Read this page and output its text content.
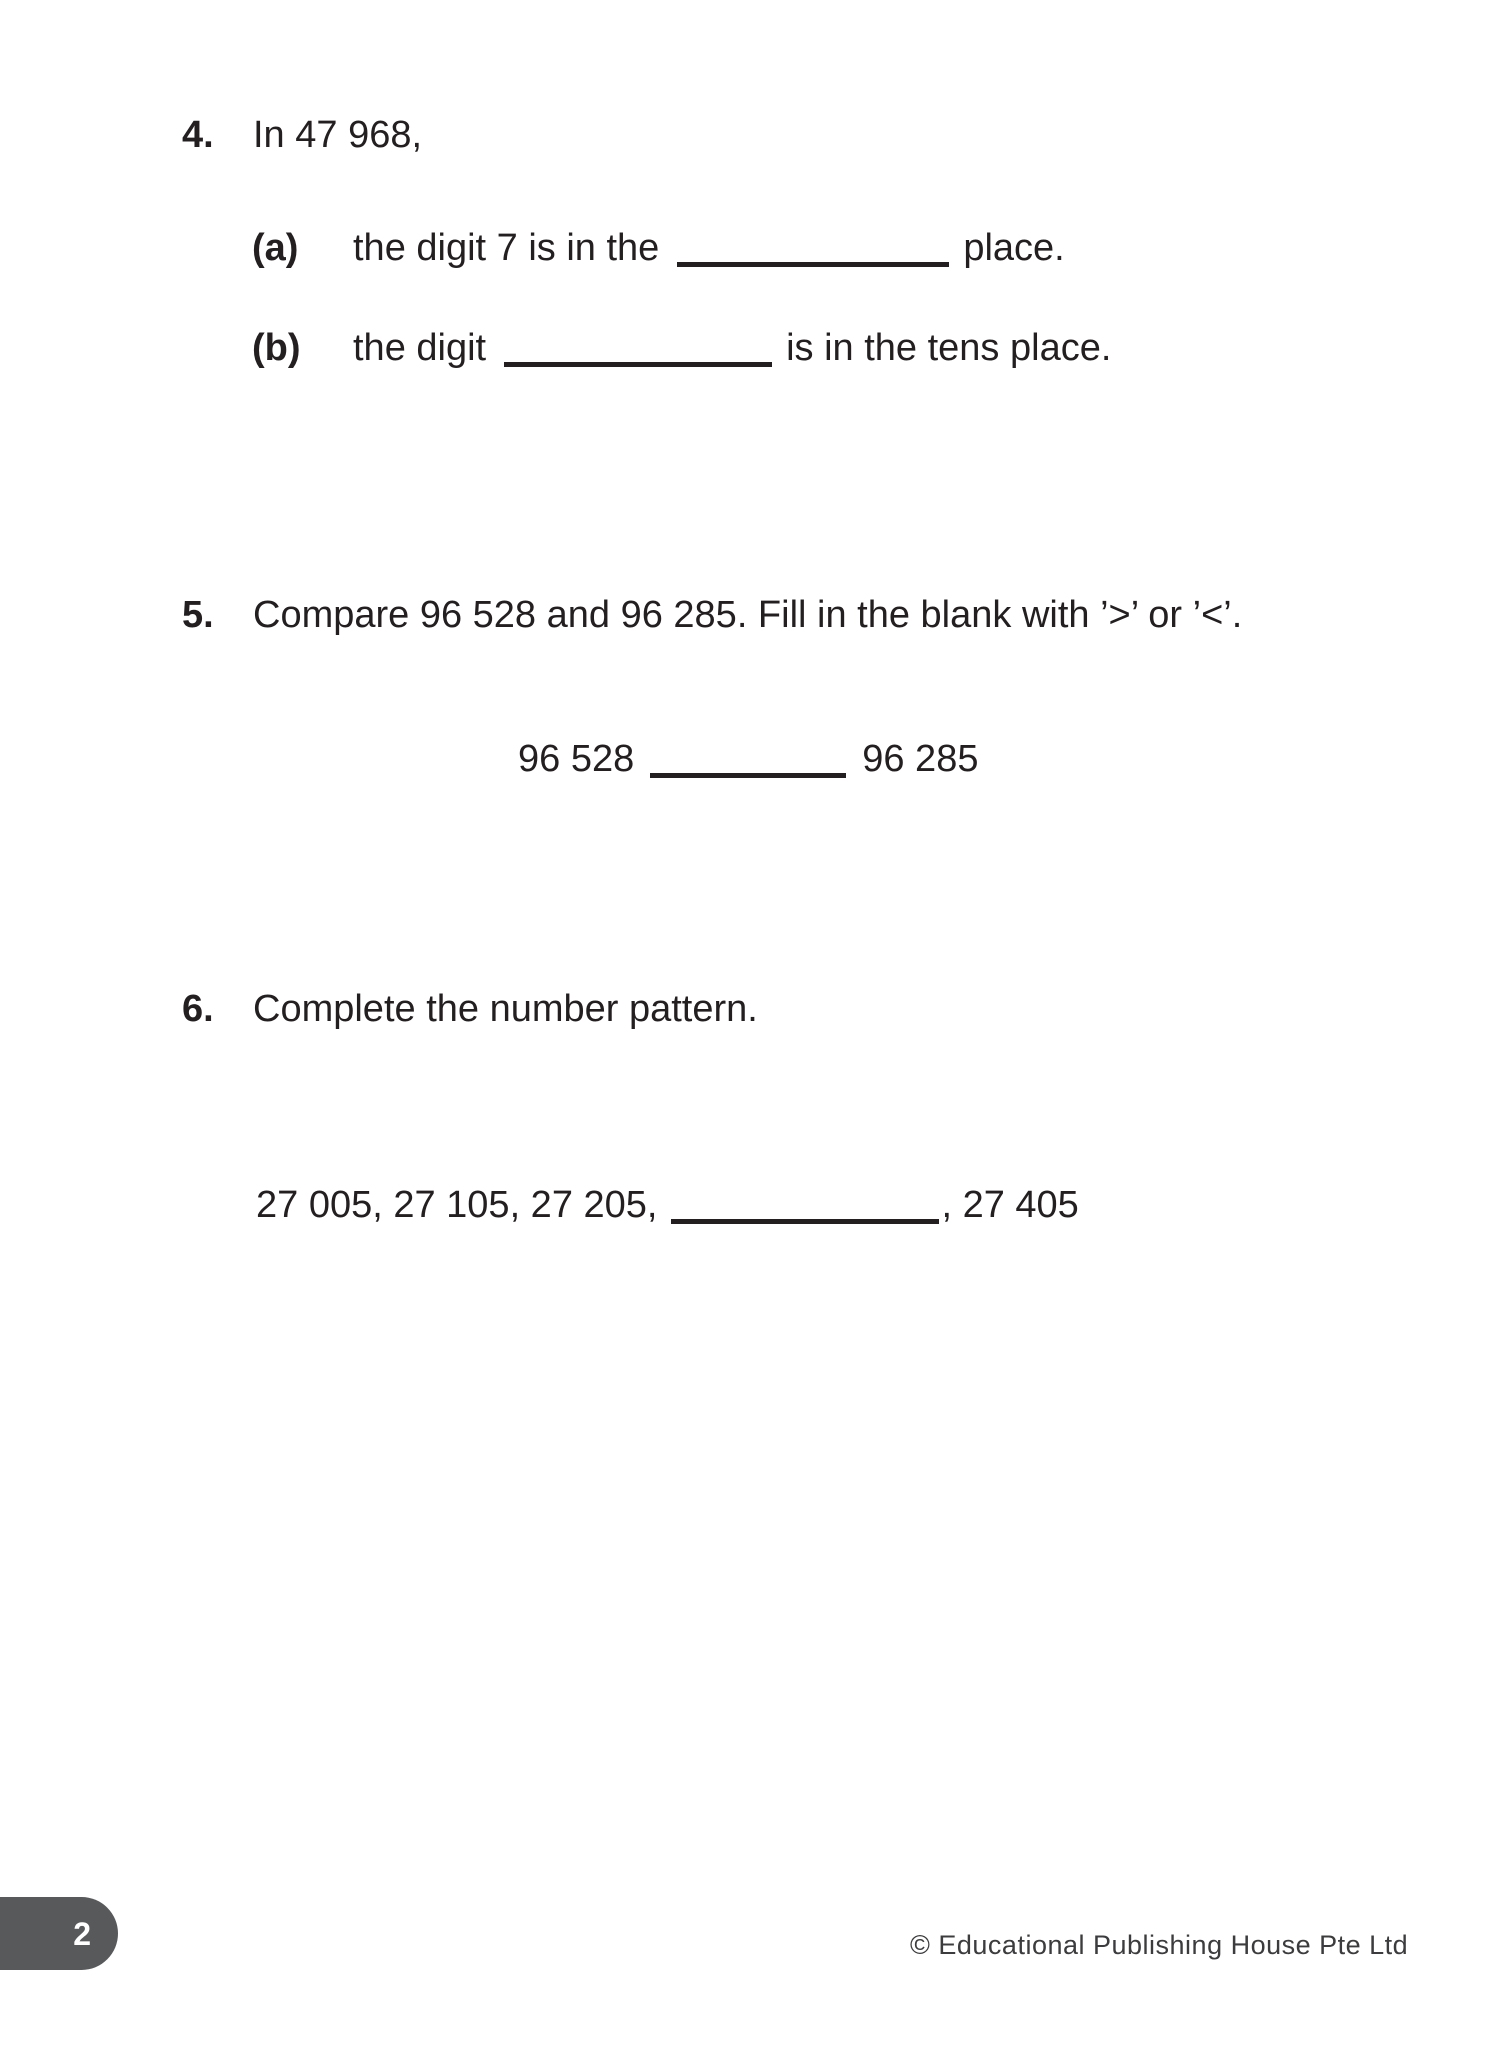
4.	In 47 968,
(a)	the digit 7 is in the	place.
(b)	the digit	is in the tens place.
5.	Compare 96 528 and 96 285. Fill in the blank with ’>’ or ’<’.
96 528	96 285
6.	Complete the number pattern.
27 005, 27 105, 27 205,	, 27 405
2	© Educational Publishing House Pte Ltd
